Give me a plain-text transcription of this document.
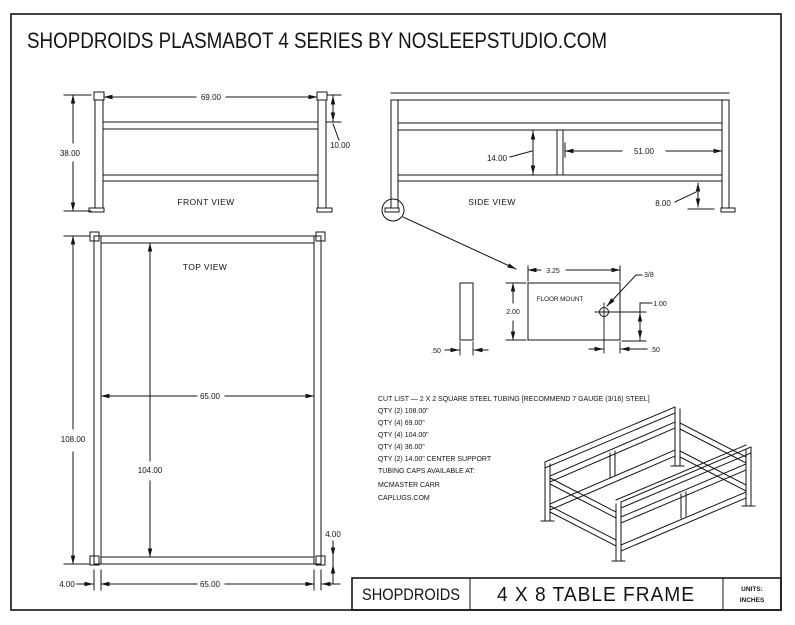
SHOPDROIDS PLASMABOT 4 SERIES BY NOSLEEPSTUDIO.COM
69.00
38.00
10.00
FRONT VIEW
14.00
51.00
8.00
SIDE VIEW
108.00
104.00
65.00
4.00
4.00	65.00
TOP VIEW
FLOOR MOUNT
3.25
3/8
2.00
1.00
.50
.50
CUT LIST — 2 X 2 SQUARE STEEL TUBING [RECOMMEND 7 GAUGE (3/16) STEEL]
QTY (2) 108.00"
QTY (4) 69.00"
QTY (4) 104.00"
QTY (4) 36.00"
QTY (2) 14.00" CENTER SUPPORT
TUBING CAPS AVAILABLE AT:
MCMASTER CARR
CAPLUGS.COM
SHOPDROIDS 4 X 8 TABLE FRAME	UNITS:
INCHES
